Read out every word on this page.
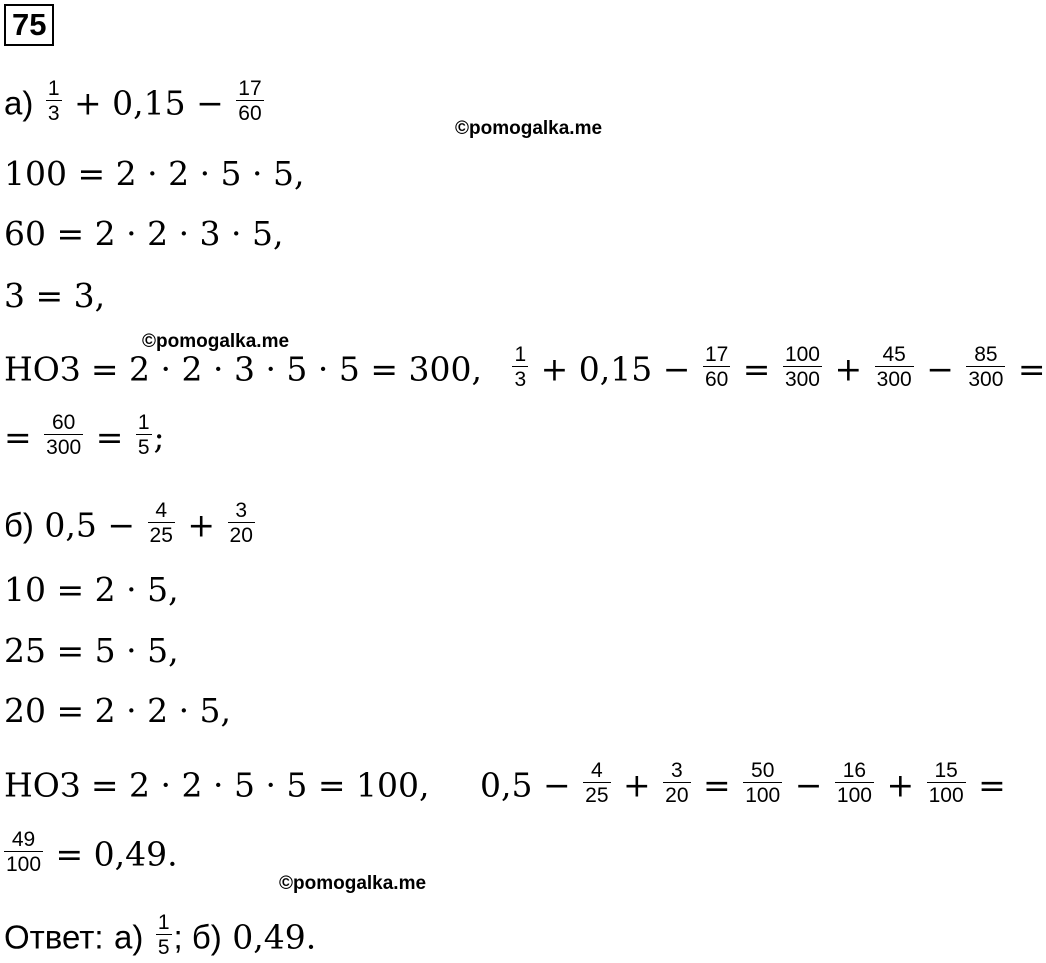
75
©pomogalka.me
©pomogalka.me
©pomogalka.me
$а) \frac{1}{3} + 0,15 - \frac{17}{60}$
100 = 2 · 2 · 5 · 5,
60 = 2 · 2 · 3 · 5,
3 = 3,
НОЗ = 2 · 2 · 3 · 5 · 5 = 300, $\frac{1}{3} + 0,15 - \frac{17}{60} = \frac{100}{300} + \frac{45}{300} - \frac{85}{300}$ =
= $\frac{60}{300} = \frac{1}{5}$ ;
б) $0,5 - \frac{4}{25} + \frac{3}{20}$
10 = 2 · 5,
25 = 5 · 5,
20 = 2 · 2 · 5,
НОЗ = 2 · 2 · 5 · 5 = 100, $0,5 - \frac{4}{25} + \frac{3}{20} = \frac{50}{100} - \frac{16}{100} + \frac{15}{100}$ =
$\frac{49}{100} = 0,49$.
Ответ: $а) \frac{1}{5}$ ; б) 0,49.
